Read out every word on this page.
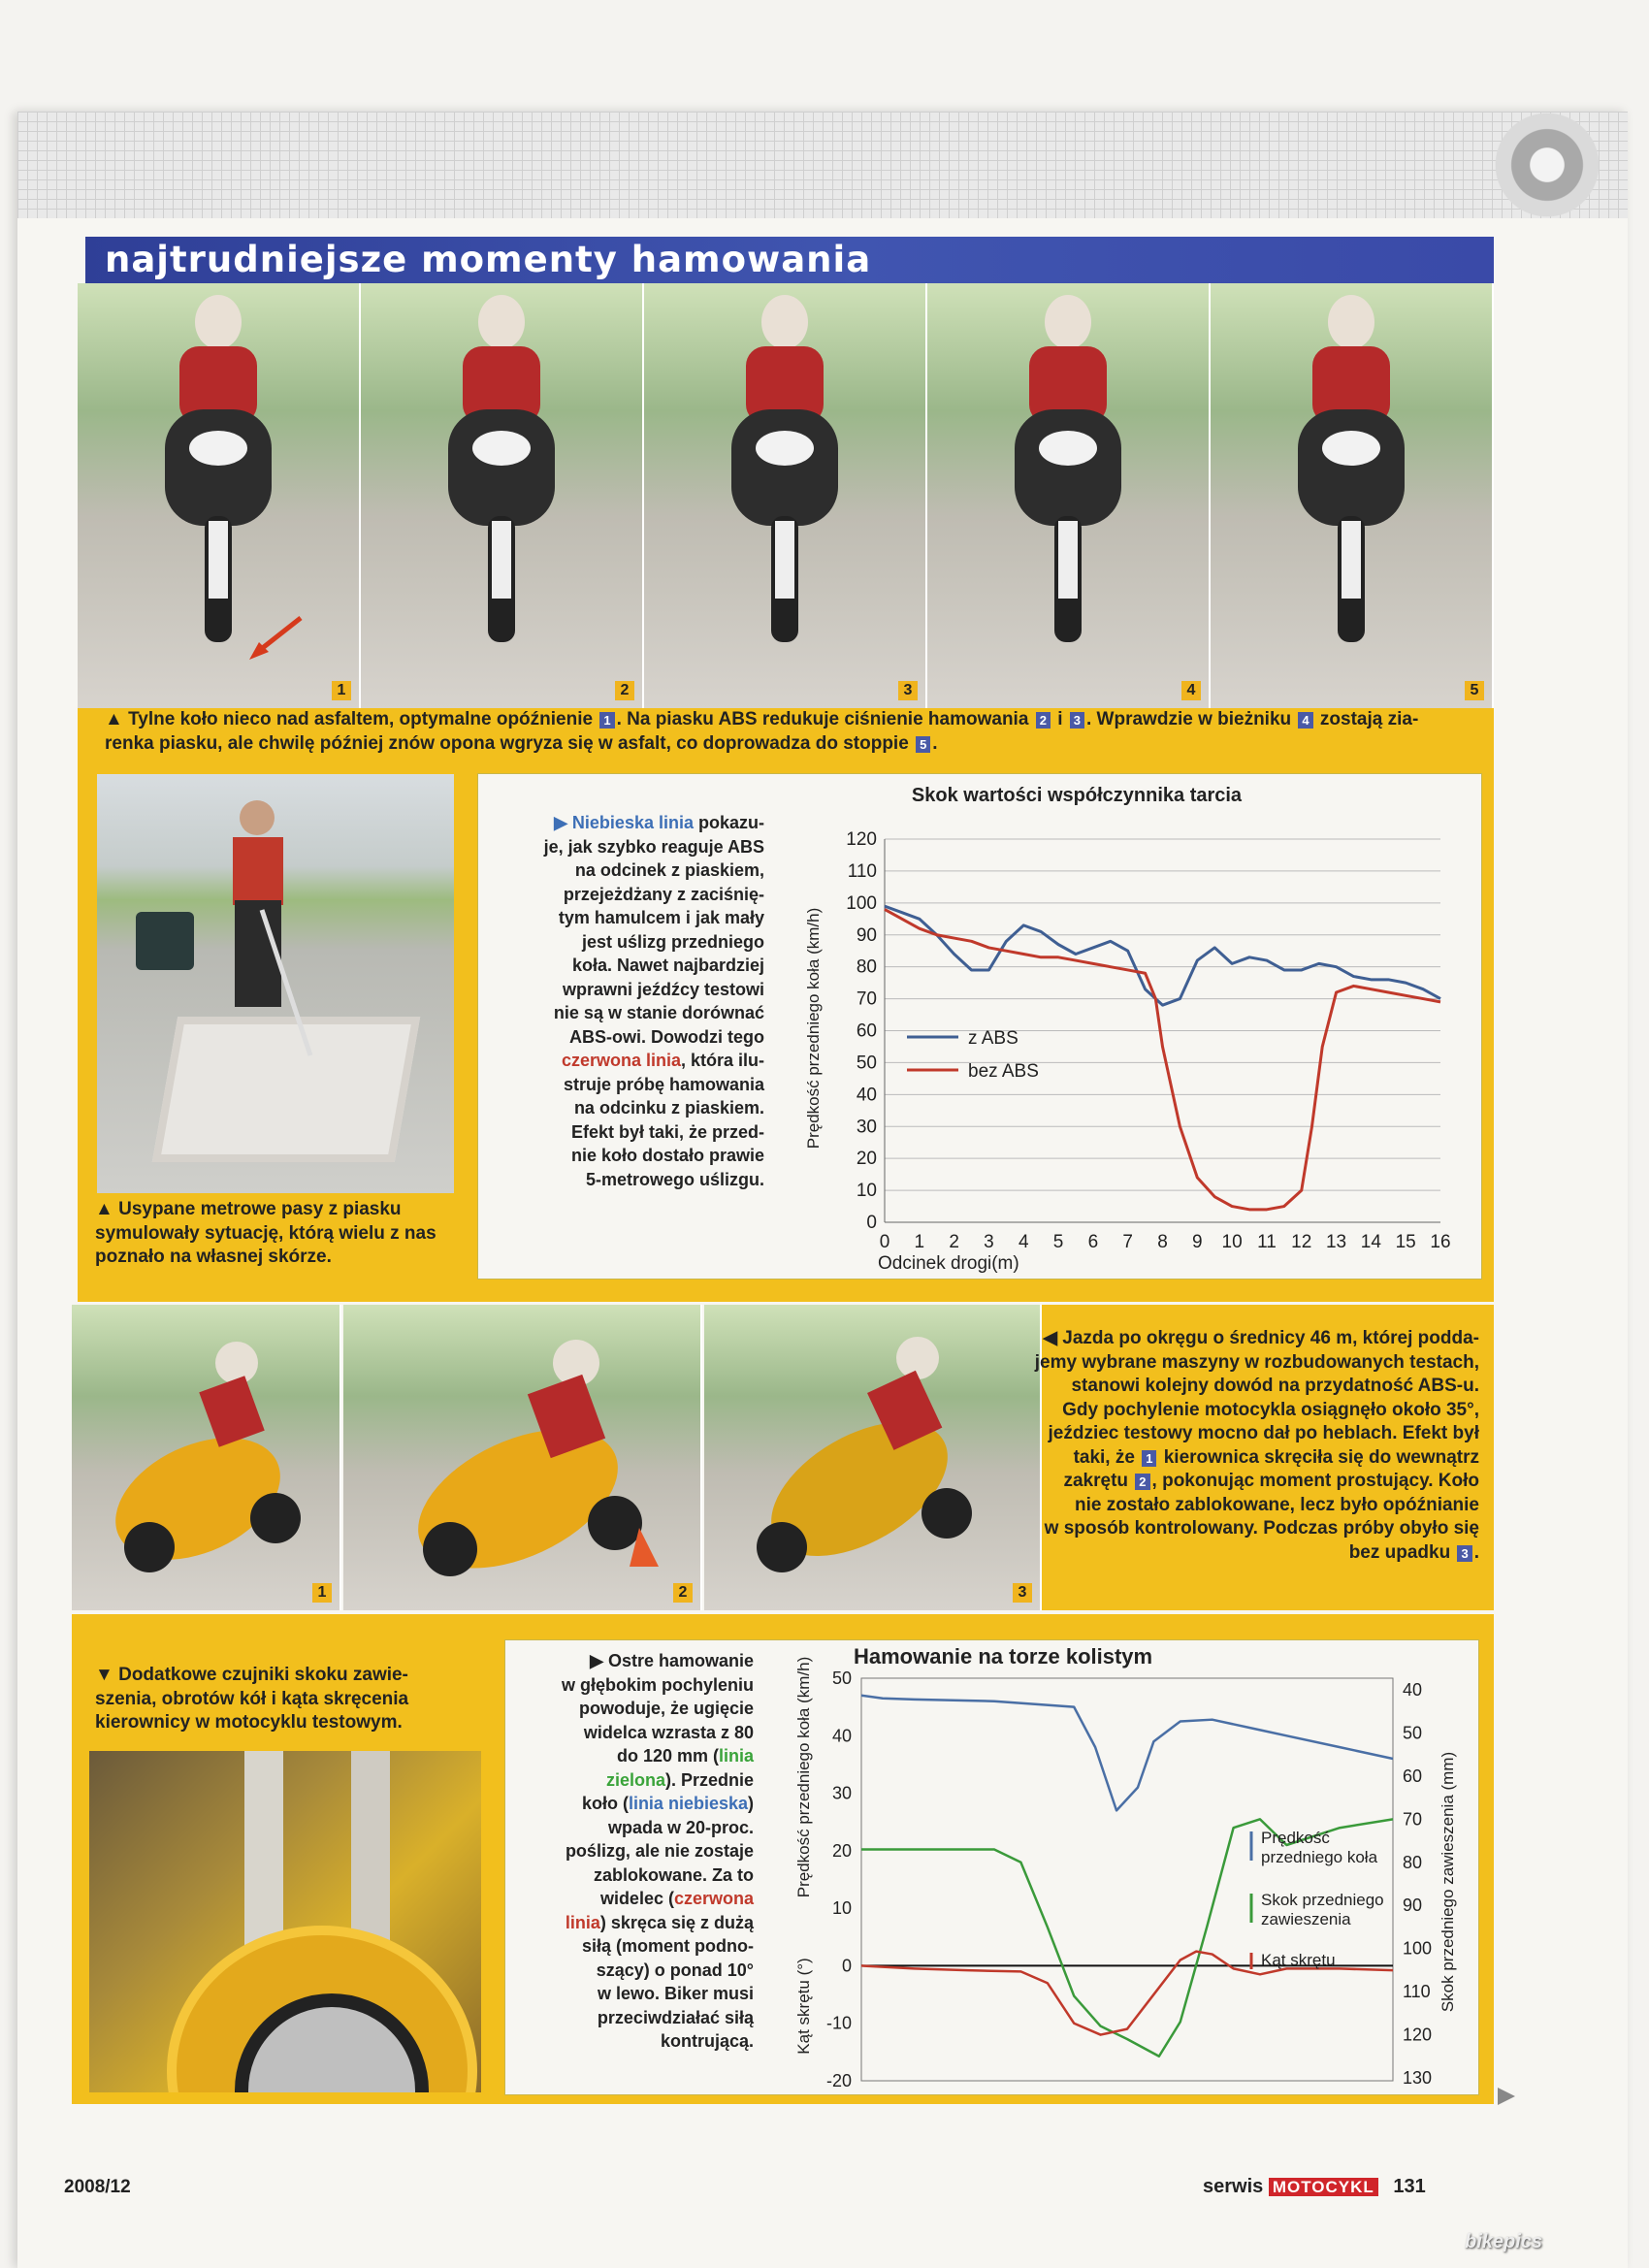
najtrudniejsze momenty hamowania
1	2	3	4	5
▲ Tylne koło nieco nad asfaltem, optymalne opóźnienie 1 . Na piasku ABS redukuje ciśnienie hamowania 2 i 3 . Wprawdzie w bieżniku 4 zostają zia-
renka piasku, ale chwilę później znów opona wgryza się w asfalt, co doprowadza do stoppie 5 .
▲ Usypane metrowe pasy z piasku
symulowały sytuację, którą wielu z nas
poznało na własnej skórze.
▶ Niebieska linia pokazu-
je, jak szybko reaguje ABS
na odcinek z piaskiem,
przejeżdżany z zaciśnię-
tym hamulcem i jak mały
jest uślizg przedniego
koła. Nawet najbardziej
wprawni jeźdźcy testowi
nie są w stanie dorównać
ABS-owi. Dowodzi tego
czerwona linia, która ilu-
struje próbę hamowania
na odcinku z piaskiem.
Efekt był taki, że przed-
nie koło dostało prawie
5-metrowego uślizgu.
Skok wartości współczynnika tarcia
0
10
20
30
40
50
60
70
80
90
100
110
120
0 1 2 3 4 5 6 7 8 9 10 11 12 13 14 15 16
Odcinek drogi(m)
Prędkość przedniego koła (km/h)	z ABS
bez ABS
1	2	3
◀ Jazda po okręgu o średnicy 46 m, której podda-
jemy wybrane maszyny w rozbudowanych testach,
stanowi kolejny dowód na przydatność ABS-u.
Gdy pochylenie motocykla osiągnęło około 35°,
jeździec testowy mocno dał po heblach. Efekt był
taki, że 1 kierownica skręciła się do wewnątrz
zakrętu 2 , pokonując moment prostujący. Koło
nie zostało zablokowane, lecz było opóźnianie
w sposób kontrolowany. Podczas próby obyło się
bez upadku 3 .
▼ Dodatkowe czujniki skoku zawie-
szenia, obrotów kół i kąta skręcenia
kierownicy w motocyklu testowym.
▶ Ostre hamowanie
w głębokim pochyleniu
powoduje, że ugięcie
widelca wzrasta z 80
do 120 mm (linia
zielona). Przednie
koło (linia niebieska)
wpada w 20-proc.
poślizg, ale nie zostaje
zablokowane. Za to
widelec (czerwona
linia) skręca się z dużą
siłą (moment podno-
szący) o ponad 10°
w lewo. Biker musi
przeciwdziałać siłą
kontrującą.
Hamowanie na torze kolistym
50
40
30
20
10
0
-10
-20
40
50
60
70
80
90
100
110
120
130
Prędkość przedniego koła (km/h)
Kąt skrętu (°)	Skok przedniego zawieszenia (mm)
Prędkość
przedniego koła
Skok przedniego
zawieszenia
Kąt skrętu
2008/12	serwis MOTOCYKL 131
bikepics
